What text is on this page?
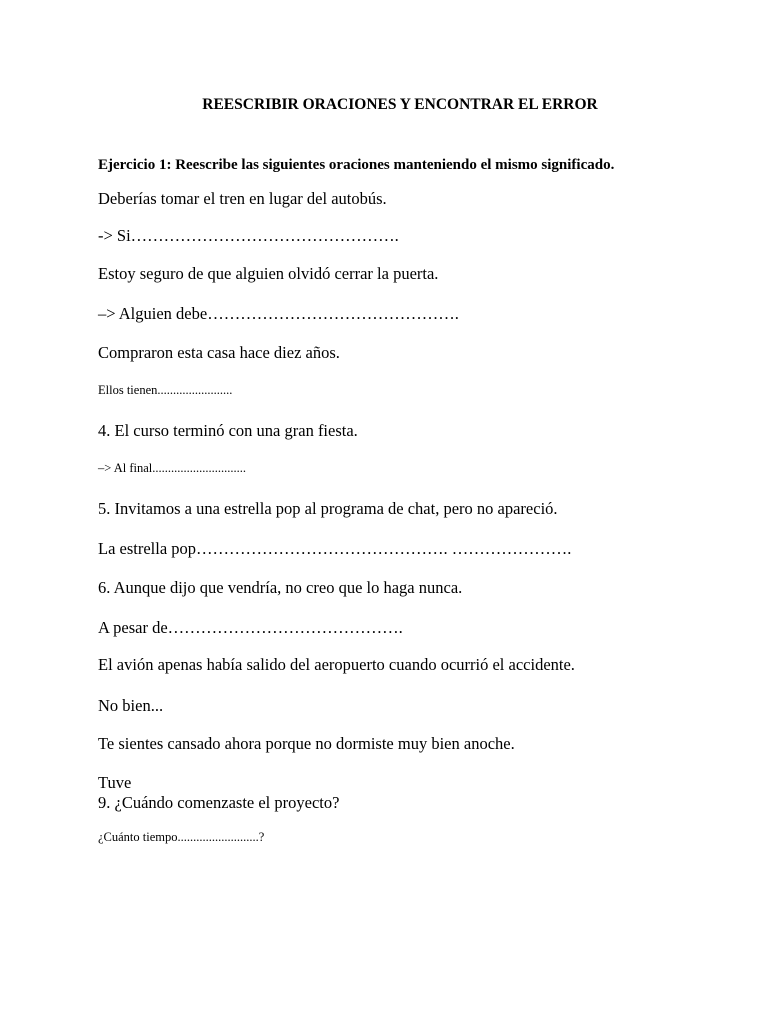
REESCRIBIR ORACIONES Y ENCONTRAR EL ERROR
Ejercicio 1: Reescribe las siguientes oraciones manteniendo el mismo significado.
Deberías tomar el tren en lugar del autobús.
-> Si………………………………………….
Estoy seguro de que alguien olvidó cerrar la puerta.
–> Alguien debe……………………………………….
Compraron esta casa hace diez años.
Ellos tienen........................
4. El curso terminó con una gran fiesta.
–> Al final..............................
5. Invitamos a una estrella pop al programa de chat, pero no apareció.
La estrella pop………………………………………. ………………….
6. Aunque dijo que vendría, no creo que lo haga nunca.
A pesar de…………………………………….
El avión apenas había salido del aeropuerto cuando ocurrió el accidente.
No bien...
Te sientes cansado ahora porque no dormiste muy bien anoche.
Tuve
9. ¿Cuándo comenzaste el proyecto?
¿Cuánto tiempo..........................?
